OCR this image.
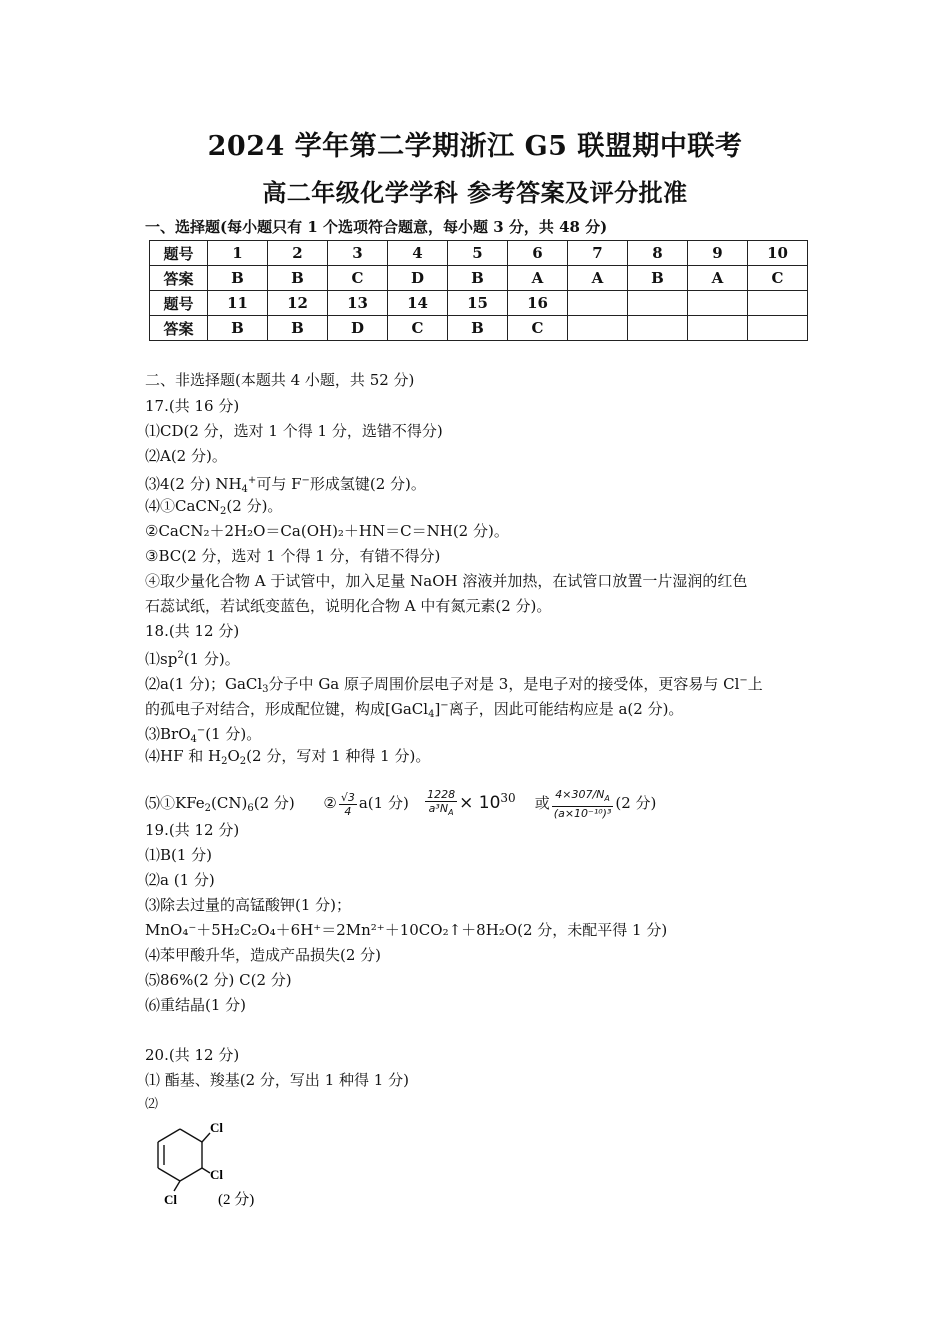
2024 学年第二学期浙江 G5 联盟期中联考
高二年级化学学科 参考答案及评分批准
一、选择题(每小题只有 1 个选项符合题意，每小题 3 分，共 48 分)
题号	1	2	3	4	5	6	7	8	9	10
答案	B	B	C	D	B	A	A	B	A	C
题号	11	12	13	14	15	16				
答案	B	B	D	C	B	C				
二、非选择题(本题共 4 小题，共 52 分)
17.(共 16 分)
⑴CD(2 分，选对 1 个得 1 分，选错不得分)
⑵A(2 分)。
⑶4(2 分) $NH_4^+$可与 F−形成氢键(2 分)。
⑷①CaCN$_2$(2 分)。
②CaCN₂＋2H₂O＝Ca(OH)₂＋HN＝C＝NH(2 分)。
③BC(2 分，选对 1 个得 1 分，有错不得分)
④取少量化合物 A 于试管中，加入足量 NaOH 溶液并加热，在试管口放置一片湿润的红色
石蕊试纸，若试纸变蓝色，说明化合物 A 中有氮元素(2 分)。
18.(共 12 分)
$⑴sp^2(1$ 分)。
⑵a(1 分)；GaCl$_3$分子中 Ga 原子周围价层电子对是 3，是电子对的接受体，更容易与 Cl−上
的孤电子对结合，形成配位键，构成[GaCl$_4$]−离子，因此可能结构应是 a(2 分)。
⑶BrO$_4$−(1 分)。
⑷HF 和 $H_2O_2(2$ 分，写对 1 种得 1 分)。
$⑸①KFe_2(CN)_6(2$ 分) ② $\frac{√3}{4} a(1$ 分) $\frac{1228}{a^3N_A} \times 10^{30}$ 或 $\frac{4\times 307/N_A}{\text{(a×10⁻¹⁰)³}} (2$ 分)
19.(共 12 分)
⑴B(1 分)
⑵a (1 分)
⑶除去过量的高锰酸钾(1 分)；
MnO₄⁻＋5H₂C₂O₄＋6H⁺＝2Mn²⁺＋10CO₂↑＋8H₂O(2 分，未配平得 1 分)
⑷苯甲酸升华，造成产品损失(2 分)
⑸86%(2 分) C(2 分)
⑹重结晶(1 分)
20.(共 12 分)
⑴ 酯基、羧基(2 分，写出 1 种得 1 分)
⑵
Cl
Cl
Cl	(2 分)
